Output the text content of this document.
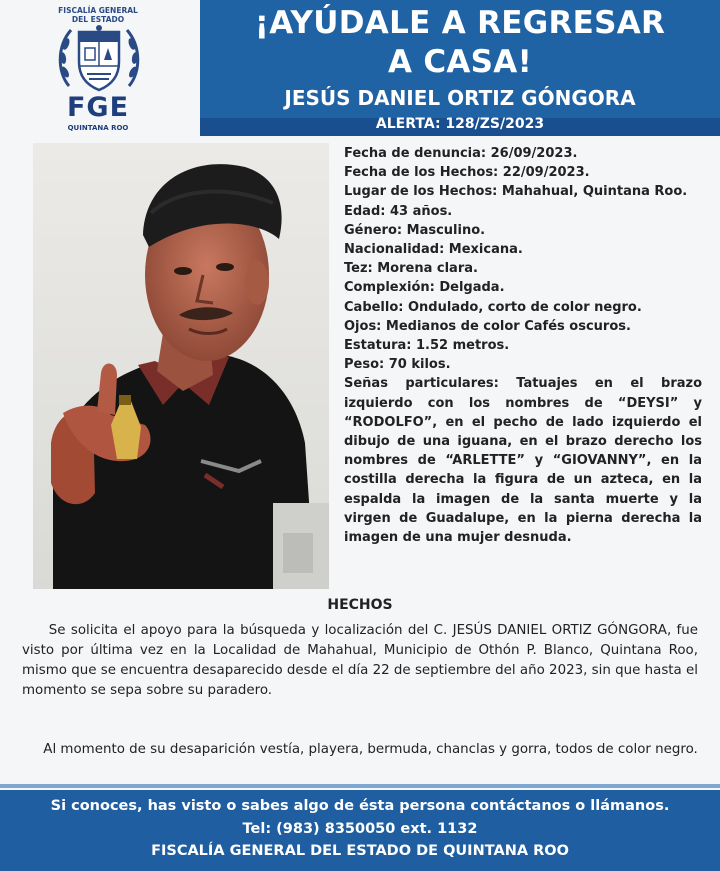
FISCALÍA GENERAL
DEL ESTADO
FGE
QUINTANA ROO
¡AYÚDALE A REGRESAR
A CASA!
JESÚS DANIEL ORTIZ GÓNGORA
ALERTA: 128/ZS/2023
Fecha de denuncia: 26/09/2023.
Fecha de los Hechos: 22/09/2023.
Lugar de los Hechos: Mahahual, Quintana Roo.
Edad: 43 años.
Género: Masculino.
Nacionalidad: Mexicana.
Tez: Morena clara.
Complexión: Delgada.
Cabello: Ondulado, corto de color negro.
Ojos: Medianos de color Cafés oscuros.
Estatura: 1.52 metros.
Peso: 70 kilos.
Señas particulares: Tatuajes en el brazo izquierdo con los nombres de “DEYSI” y “RODOLFO”, en el pecho de lado izquierdo el dibujo de una iguana, en el brazo derecho los nombres de “ARLETTE” y “GIOVANNY”, en la costilla derecha la figura de un azteca, en la espalda la imagen de la santa muerte y la virgen de Guadalupe, en la pierna derecha la imagen de una mujer desnuda.
HECHOS
Se solicita el apoyo para la búsqueda y localización del C. JESÚS DANIEL ORTIZ GÓNGORA, fue visto por última vez en la Localidad de Mahahual, Municipio de Othón P. Blanco, Quintana Roo, mismo que se encuentra desaparecido desde el día 22 de septiembre del año 2023, sin que hasta el momento se sepa sobre su paradero.
Al momento de su desaparición vestía, playera, bermuda, chanclas y gorra, todos de color negro.
Si conoces, has visto o sabes algo de ésta persona contáctanos o llámanos.
Tel: (983) 8350050 ext. 1132
FISCALÍA GENERAL DEL ESTADO DE QUINTANA ROO
